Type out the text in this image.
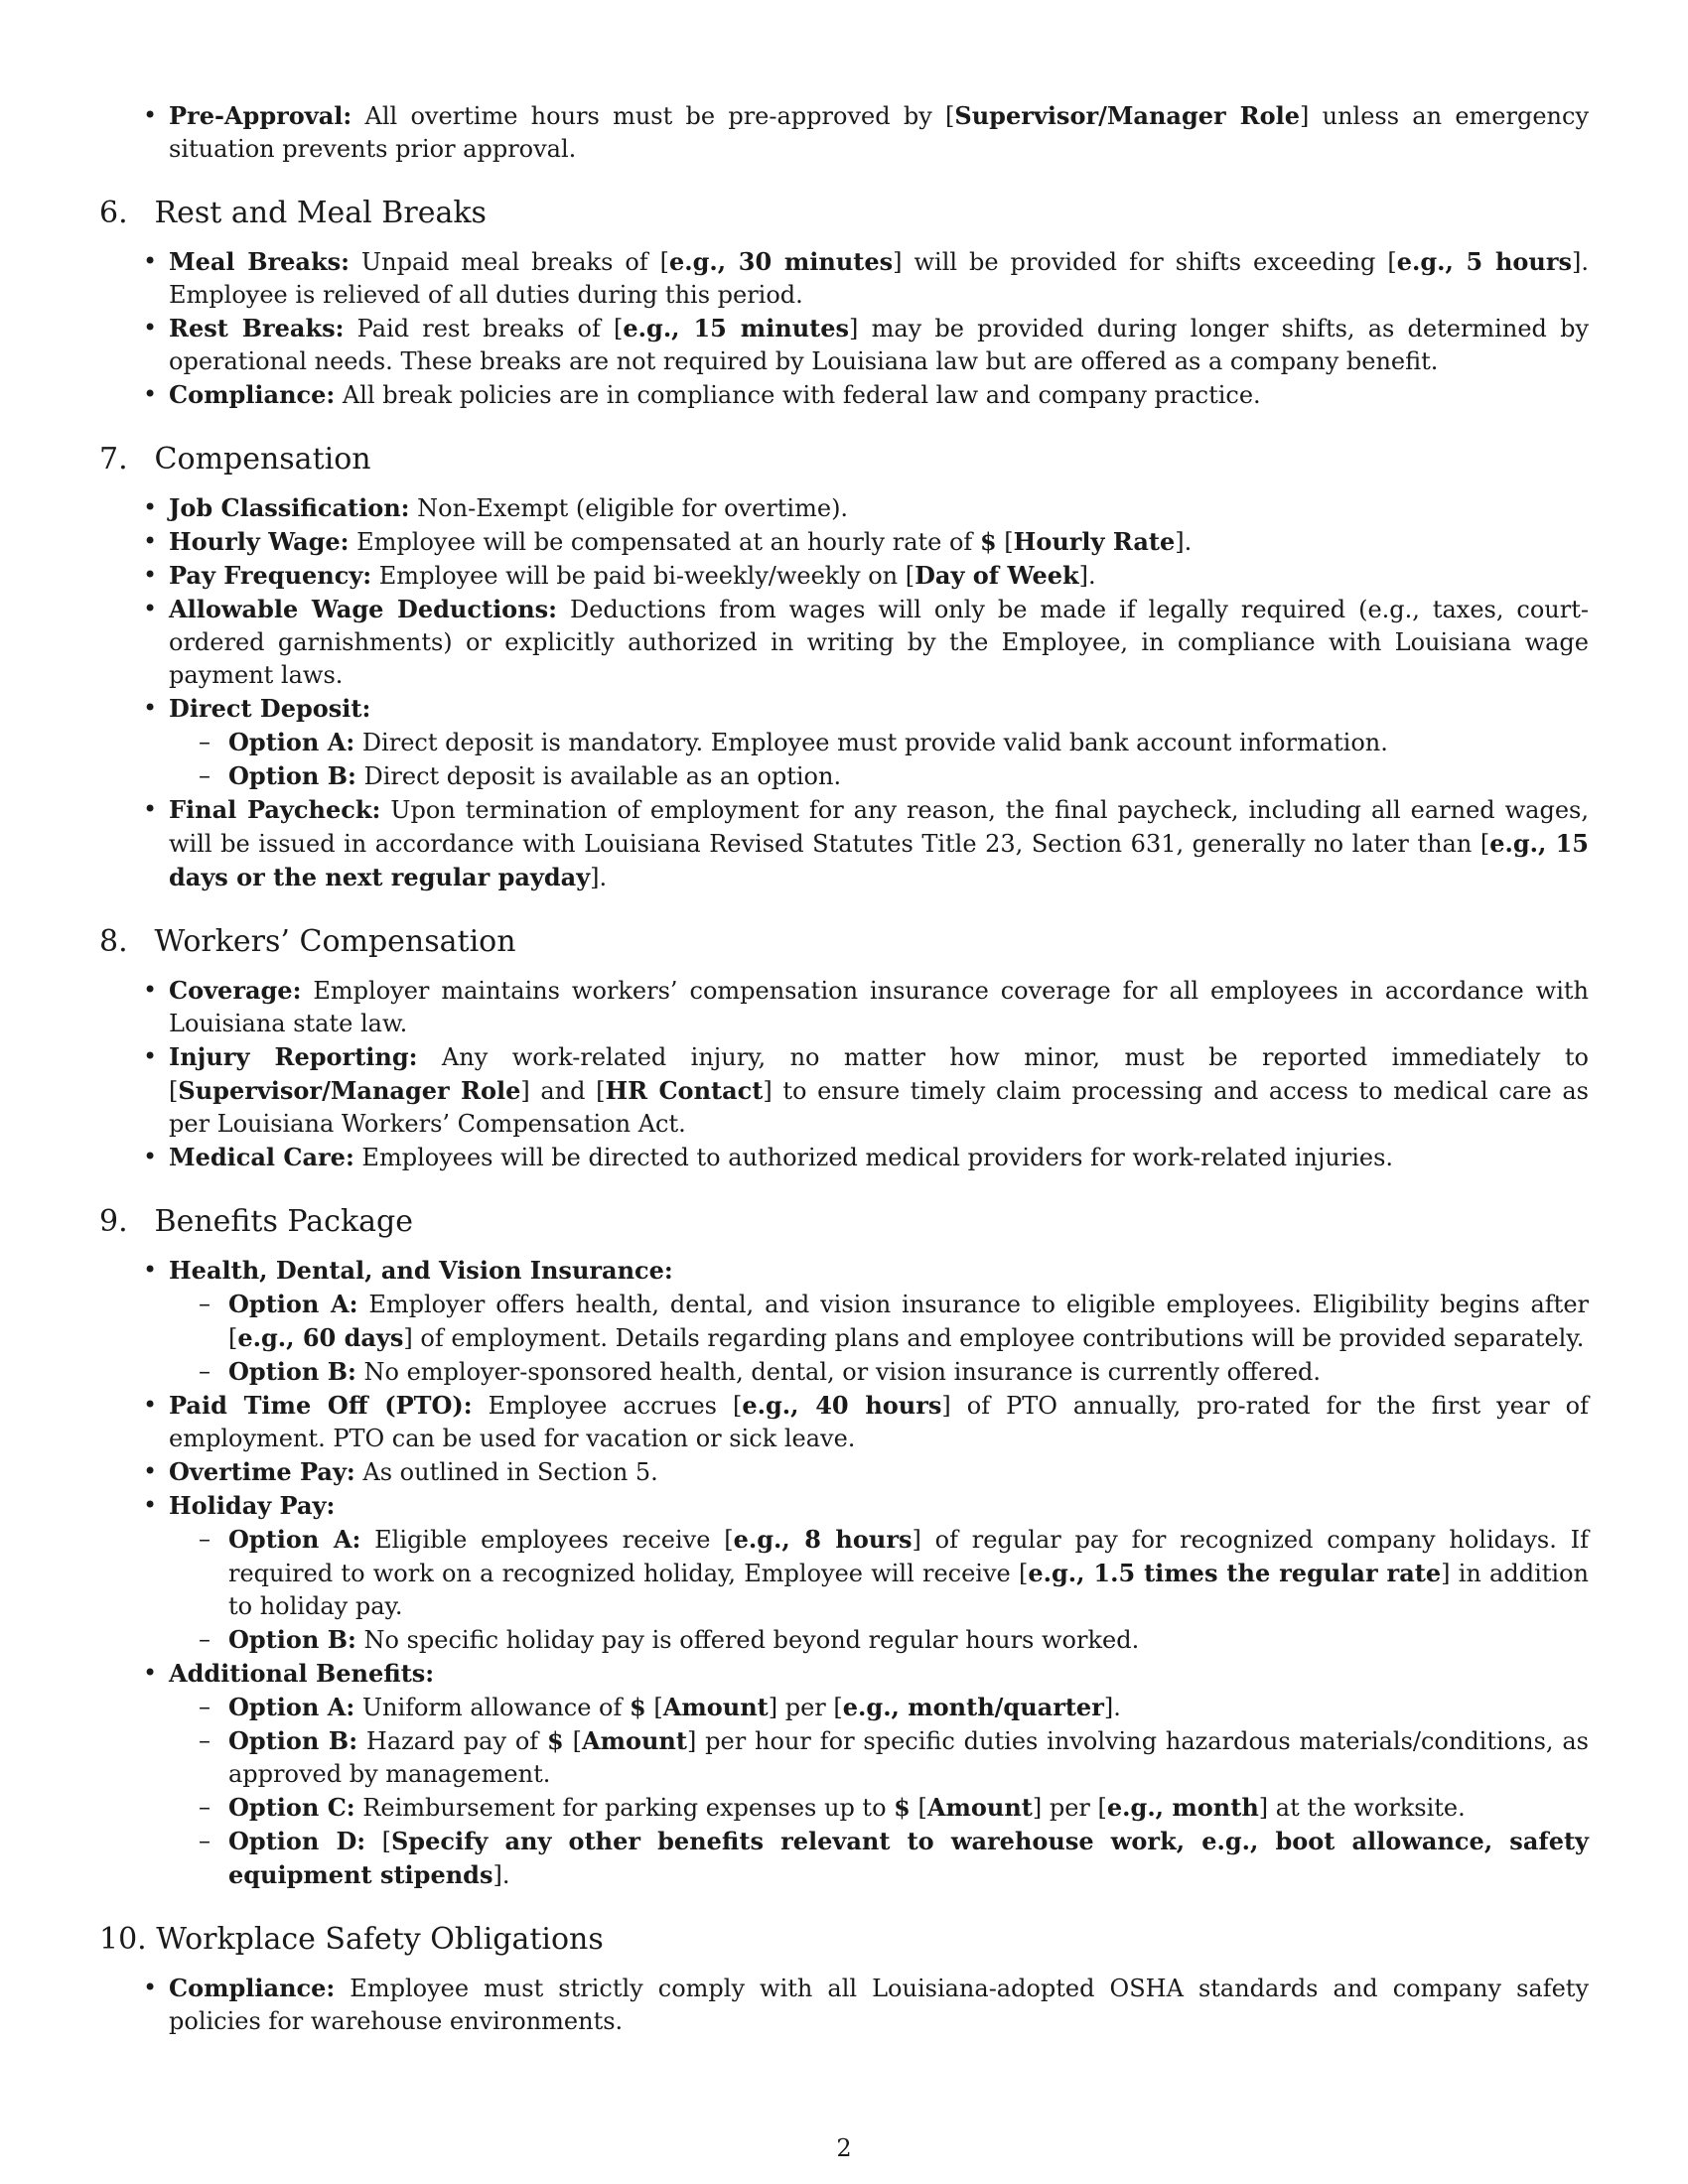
• Pre-Approval: All overtime hours must be pre-approved by [Supervisor/Manager Role] unless an emergency situation prevents prior approval.
6. Rest and Meal Breaks
• Meal Breaks: Unpaid meal breaks of [e.g., 30 minutes] will be provided for shifts exceeding [e.g., 5 hours]. Employee is relieved of all duties during this period.
• Rest Breaks: Paid rest breaks of [e.g., 15 minutes] may be provided during longer shifts, as determined by operational needs. These breaks are not required by Louisiana law but are offered as a company benefit.
• Compliance: All break policies are in compliance with federal law and company practice.
7. Compensation
• Job Classification: Non-Exempt (eligible for overtime).
• Hourly Wage: Employee will be compensated at an hourly rate of $ [Hourly Rate].
• Pay Frequency: Employee will be paid bi-weekly/weekly on [Day of Week].
• Allowable Wage Deductions: Deductions from wages will only be made if legally required (e.g., taxes, court-ordered garnishments) or explicitly authorized in writing by the Employee, in compliance with Louisiana wage payment laws.
• Direct Deposit:
– Option A: Direct deposit is mandatory. Employee must provide valid bank account information.
– Option B: Direct deposit is available as an option.
• Final Paycheck: Upon termination of employment for any reason, the final paycheck, including all earned wages, will be issued in accordance with Louisiana Revised Statutes Title 23, Section 631, generally no later than [e.g., 15 days or the next regular payday].
8. Workers’ Compensation
• Coverage: Employer maintains workers’ compensation insurance coverage for all employees in accordance with Louisiana state law.
• Injury Reporting: Any work-related injury, no matter how minor, must be reported immediately to [Supervisor/Manager Role] and [HR Contact] to ensure timely claim processing and access to medical care as per Louisiana Workers’ Compensation Act.
• Medical Care: Employees will be directed to authorized medical providers for work-related injuries.
9. Benefits Package
• Health, Dental, and Vision Insurance:
– Option A: Employer offers health, dental, and vision insurance to eligible employees. Eligibility begins after [e.g., 60 days] of employment. Details regarding plans and employee contributions will be provided separately.
– Option B: No employer-sponsored health, dental, or vision insurance is currently offered.
• Paid Time Off (PTO): Employee accrues [e.g., 40 hours] of PTO annually, pro-rated for the first year of employment. PTO can be used for vacation or sick leave.
• Overtime Pay: As outlined in Section 5.
• Holiday Pay:
– Option A: Eligible employees receive [e.g., 8 hours] of regular pay for recognized company holidays. If required to work on a recognized holiday, Employee will receive [e.g., 1.5 times the regular rate] in addition to holiday pay.
– Option B: No specific holiday pay is offered beyond regular hours worked.
• Additional Benefits:
– Option A: Uniform allowance of $ [Amount] per [e.g., month/quarter].
– Option B: Hazard pay of $ [Amount] per hour for specific duties involving hazardous materials/conditions, as approved by management.
– Option C: Reimbursement for parking expenses up to $ [Amount] per [e.g., month] at the worksite.
– Option D: [Specify any other benefits relevant to warehouse work, e.g., boot allowance, safety equipment stipends].
10. Workplace Safety Obligations
• Compliance: Employee must strictly comply with all Louisiana-adopted OSHA standards and company safety policies for warehouse environments.
2
